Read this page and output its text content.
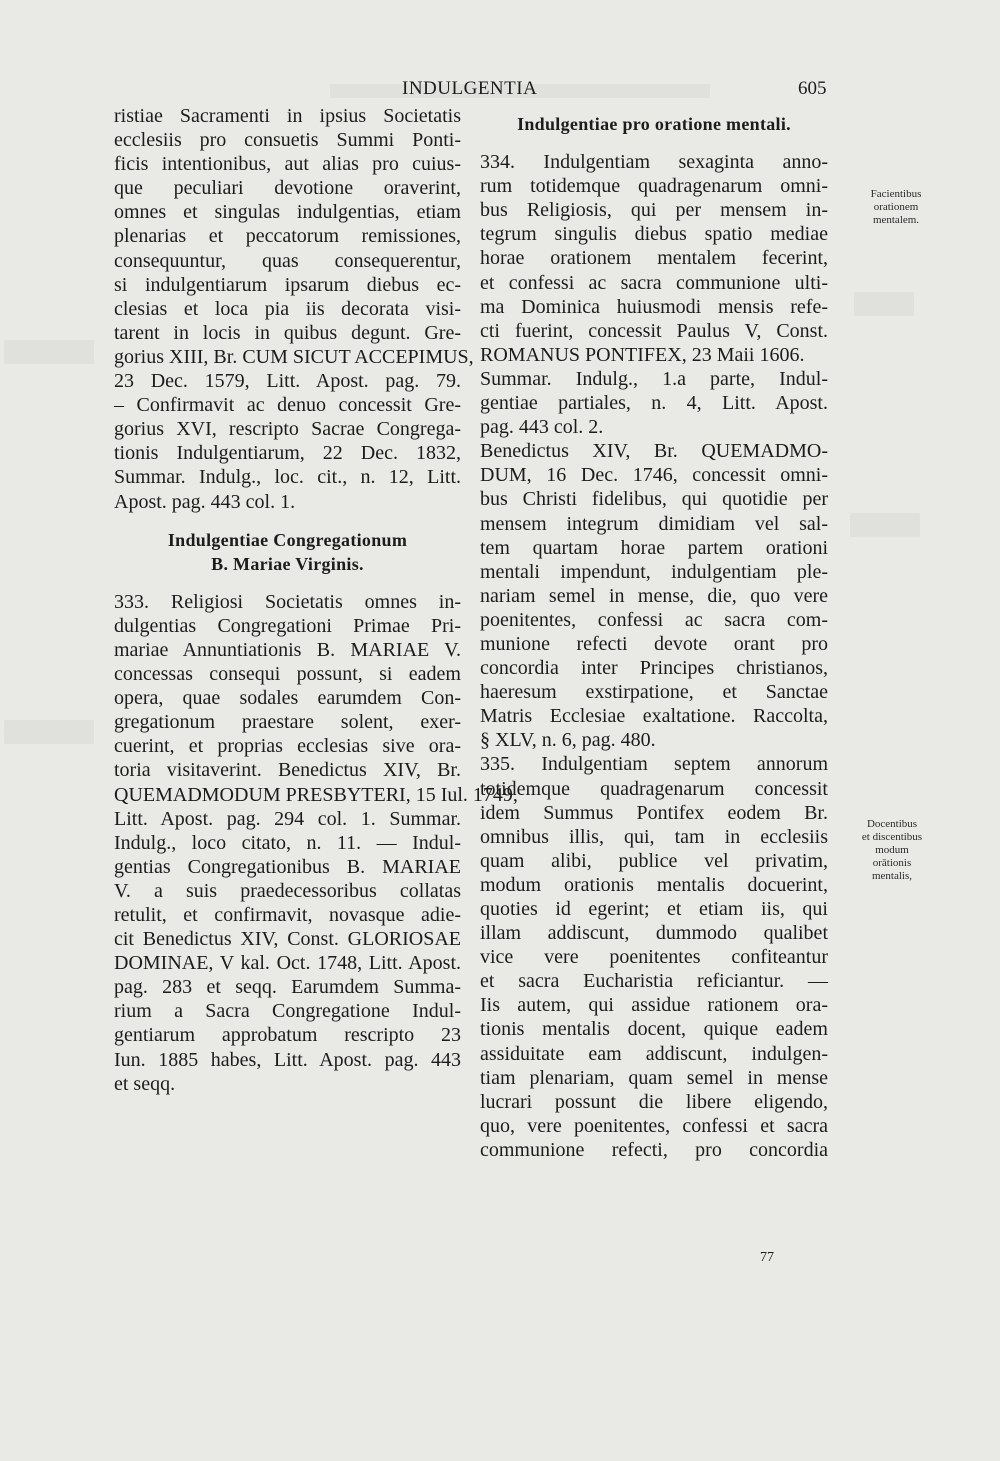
INDULGENTIA	605
ristiae Sacramenti in ipsius Societatis
ecclesiis pro consuetis Summi Ponti-
ficis intentionibus, aut alias pro cuius-
que peculiari devotione oraverint,
omnes et singulas indulgentias, etiam
plenarias et peccatorum remissiones,
consequuntur, quas consequerentur,
si indulgentiarum ipsarum diebus ec-
clesias et loca pia iis decorata visi-
tarent in locis in quibus degunt. Gre-
gorius XIII, Br. CUM SICUT ACCEPIMUS,
23 Dec. 1579, Litt. Apost. pag. 79.
– Confirmavit ac denuo concessit Gre-
gorius XVI, rescripto Sacrae Congrega-
tionis Indulgentiarum, 22 Dec. 1832,
Summar. Indulg., loc. cit., n. 12, Litt.
Apost. pag. 443 col. 1.
Indulgentiae Congregationum
B. Mariae Virginis.
333. Religiosi Societatis omnes in-
dulgentias Congregationi Primae Pri-
mariae Annuntiationis B. MARIAE V.
concessas consequi possunt, si eadem
opera, quae sodales earumdem Con-
gregationum praestare solent, exer-
cuerint, et proprias ecclesias sive ora-
toria visitaverint. Benedictus XIV, Br.
QUEMADMODUM PRESBYTERI, 15 Iul. 1749,
Litt. Apost. pag. 294 col. 1. Summar.
Indulg., loco citato, n. 11. — Indul-
gentias Congregationibus B. MARIAE
V. a suis praedecessoribus collatas
retulit, et confirmavit, novasque adie-
cit Benedictus XIV, Const. GLORIOSAE
DOMINAE, V kal. Oct. 1748, Litt. Apost.
pag. 283 et seqq. Earumdem Summa-
rium a Sacra Congregatione Indul-
gentiarum approbatum rescripto 23
Iun. 1885 habes, Litt. Apost. pag. 443
et seqq.
Indulgentiae pro oratione mentali.
334. Indulgentiam sexaginta anno-
rum totidemque quadragenarum omni-
bus Religiosis, qui per mensem in-
tegrum singulis diebus spatio mediae
horae orationem mentalem fecerint,
et confessi ac sacra communione ulti-
ma Dominica huiusmodi mensis refe-
cti fuerint, concessit Paulus V, Const.
ROMANUS PONTIFEX, 23 Maii 1606.
Summar. Indulg., 1.a parte, Indul-
gentiae partiales, n. 4, Litt. Apost.
pag. 443 col. 2.
Benedictus XIV, Br. QUEMADMO-
DUM, 16 Dec. 1746, concessit omni-
bus Christi fidelibus, qui quotidie per
mensem integrum dimidiam vel sal-
tem quartam horae partem orationi
mentali impendunt, indulgentiam ple-
nariam semel in mense, die, quo vere
poenitentes, confessi ac sacra com-
munione refecti devote orant pro
concordia inter Principes christianos,
haeresum exstirpatione, et Sanctae
Matris Ecclesiae exaltatione. Raccolta,
§ XLV, n. 6, pag. 480.
335. Indulgentiam septem annorum
totidemque quadragenarum concessit
idem Summus Pontifex eodem Br.
omnibus illis, qui, tam in ecclesiis
quam alibi, publice vel privatim,
modum orationis mentalis docuerint,
quoties id egerint; et etiam iis, qui
illam addiscunt, dummodo qualibet
vice vere poenitentes confiteantur
et sacra Eucharistia reficiantur. —
Iis autem, qui assidue rationem ora-
tionis mentalis docent, quique eadem
assiduitate eam addiscunt, indulgen-
tiam plenariam, quam semel in mense
lucrari possunt die libere eligendo,
quo, vere poenitentes, confessi et sacra
communione refecti, pro concordia
Facientibus
orationem
mentalem.
Docentibus
et discentibus
modum
orātionis
mentalis,
77
